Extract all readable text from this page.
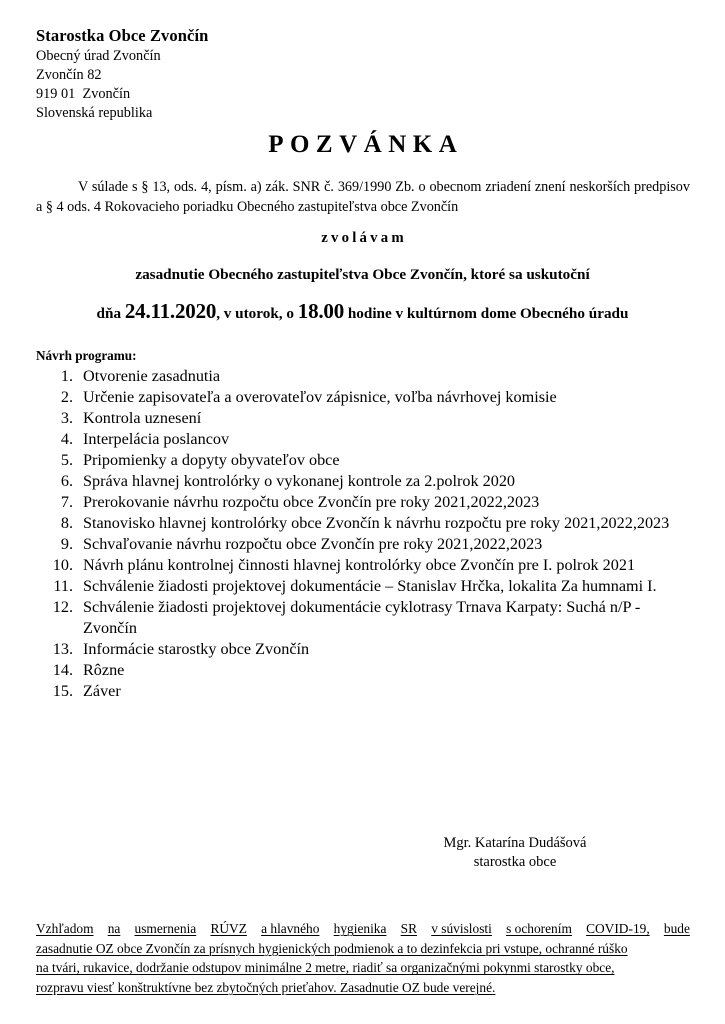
Starostka Obce Zvončín
Obecný úrad Zvončín
Zvončín 82
919 01  Zvončín
Slovenská republika
POZVÁNKA
V súlade s § 13, ods. 4, písm. a) zák. SNR č. 369/1990 Zb. o obecnom zriadení znení neskorších predpisov a § 4 ods. 4 Rokovacieho poriadku Obecného zastupiteľstva obce Zvončín
zvolávam
zasadnutie Obecného zastupiteľstva Obce Zvončín, ktoré sa uskutoční
dňa 24.11.2020, v utorok, o 18.00 hodine v kultúrnom dome Obecného úradu
Návrh programu:
1. Otvorenie zasadnutia
2. Určenie zapisovateľa a overovateľov zápisnice, voľba návrhovej komisie
3. Kontrola uznesení
4. Interpelácia poslancov
5. Pripomienky a dopyty obyvateľov obce
6. Správa hlavnej kontrolórky o vykonanej kontrole za 2.polrok 2020
7. Prerokovanie návrhu rozpočtu obce Zvončín pre roky 2021,2022,2023
8. Stanovisko hlavnej kontrolórky obce Zvončín k návrhu rozpočtu pre roky 2021,2022,2023
9. Schvaľovanie návrhu rozpočtu obce Zvončín pre roky 2021,2022,2023
10. Návrh plánu kontrolnej činnosti hlavnej kontrolórky obce Zvončín pre I. polrok 2021
11. Schválenie žiadosti projektovej dokumentácie – Stanislav Hrčka, lokalita Za humnami I.
12. Schválenie žiadosti projektovej dokumentácie cyklotrasy Trnava Karpaty: Suchá n/P - Zvončín
13. Informácie starostky obce Zvončín
14. Rôzne
15. Záver
Mgr. Katarína Dudášová
starostka obce
Vzhľadom na usmernenia RÚVZ a hlavného hygienika SR v súvislosti s ochorením COVID-19, bude
zasadnutie OZ obce Zvončín za prísnych hygienických podmienok a to dezinfekcia pri vstupe, ochranné rúško
na tvári, rukavice, dodržanie odstupov minimálne 2 metre, riadiť sa organizačnými pokynmi starostky obce,
rozpravu viesť konštruktívne bez zbytočných prieťahov. Zasadnutie OZ bude verejné.
